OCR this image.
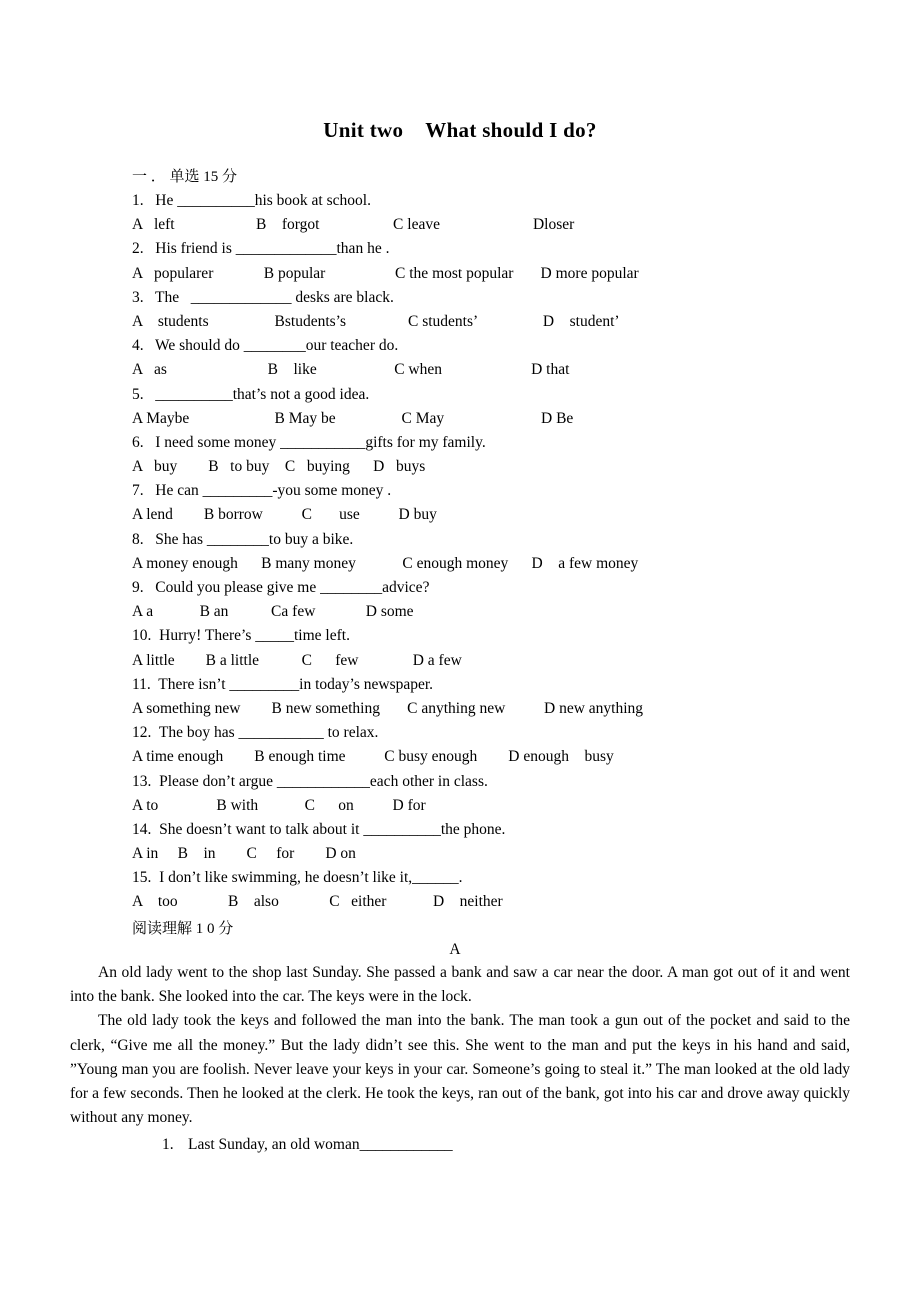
Unit two What should I do?
一 ． 单选 15 分
1.   He __________his book at school.
A   left                     B    forgot                   C leave                        Dloser
2.   His friend is _____________than he .
A   popularer             B popular                  C the most popular       D more popular
3.   The   _____________ desks are black.
A    students                 Bstudents’s                C students’                 D    student’
4.   We should do ________our teacher do.
A   as                          B    like                    C when                       D that
5.   __________that’s not a good idea.
A Maybe                      B May be                 C May                         D Be
6.   I need some money ___________gifts for my family.
A   buy        B   to buy    C   buying      D   buys
7.   He can _________-you some money .
A lend        B borrow          C       use          D buy
8.   She has ________to buy a bike.
A money enough      B many money            C enough money      D    a few money
9.   Could you please give me ________advice?
A a            B an           Ca few             D some
10.  Hurry! There’s _____time left.
A little        B a little           C      few              D a few
11.  There isn’t _________in today’s newspaper.
A something new        B new something       C anything new          D new anything
12.  The boy has ___________ to relax.
A time enough        B enough time          C busy enough        D enough    busy
13.  Please don’t argue ____________each other in class.
A to               B with            C      on          D for
14.  She doesn’t want to talk about it __________the phone.
A in     B    in        C     for        D on
15.  I don’t like swimming, he doesn’t like it,______.
A    too             B    also             C   either            D    neither
阅读理解 1 0 分
A

An old lady went to the shop last Sunday. She passed a bank and saw a car near the door. A man got out of it and went into the bank. She looked into the car. The keys were in the lock.

The old lady took the keys and followed the man into the bank. The man took a gun out of the pocket and said to the clerk, “Give me all the money.” But the lady didn’t see this. She went to the man and put the keys in his hand and said, ”Young man you are foolish. Never leave your keys in your car. Someone’s going to steal it.” The man looked at the old lady for a few seconds. Then he looked at the clerk. He took the keys, ran out of the bank, got into his car and drove away quickly without any money.

1. Last Sunday, an old woman____________
